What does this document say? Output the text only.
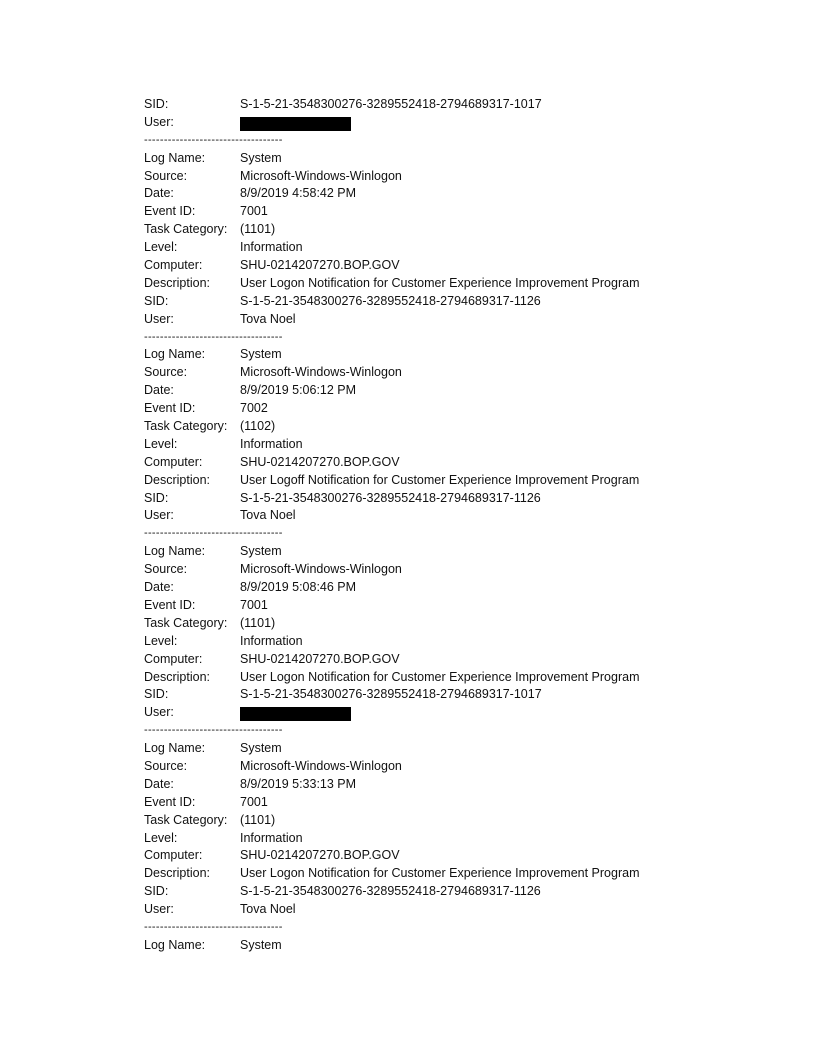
SID:	S-1-5-21-3548300276-3289552418-2794689317-1017
User:
-----------------------------------
Log Name:	System
Source:	Microsoft-Windows-Winlogon
Date:	8/9/2019 4:58:42 PM
Event ID:	7001
Task Category: (1101)
Level:	Information
Computer:	SHU-0214207270.BOP.GOV
Description: User Logon Notification for Customer Experience Improvement Program
SID:	S-1-5-21-3548300276-3289552418-2794689317-1126
User:	Tova Noel
-----------------------------------
Log Name:	System
Source:	Microsoft-Windows-Winlogon
Date:	8/9/2019 5:06:12 PM
Event ID:	7002
Task Category: (1102)
Level:	Information
Computer:	SHU-0214207270.BOP.GOV
Description: User Logoff Notification for Customer Experience Improvement Program
SID:	S-1-5-21-3548300276-3289552418-2794689317-1126
User:	Tova Noel
-----------------------------------
Log Name:	System
Source:	Microsoft-Windows-Winlogon
Date:	8/9/2019 5:08:46 PM
Event ID:	7001
Task Category: (1101)
Level:	Information
Computer:	SHU-0214207270.BOP.GOV
Description: User Logon Notification for Customer Experience Improvement Program
SID:	S-1-5-21-3548300276-3289552418-2794689317-1017
User:
-----------------------------------
Log Name:	System
Source:	Microsoft-Windows-Winlogon
Date:	8/9/2019 5:33:13 PM
Event ID:	7001
Task Category: (1101)
Level:	Information
Computer:	SHU-0214207270.BOP.GOV
Description: User Logon Notification for Customer Experience Improvement Program
SID:	S-1-5-21-3548300276-3289552418-2794689317-1126
User:	Tova Noel
-----------------------------------
Log Name:	System
